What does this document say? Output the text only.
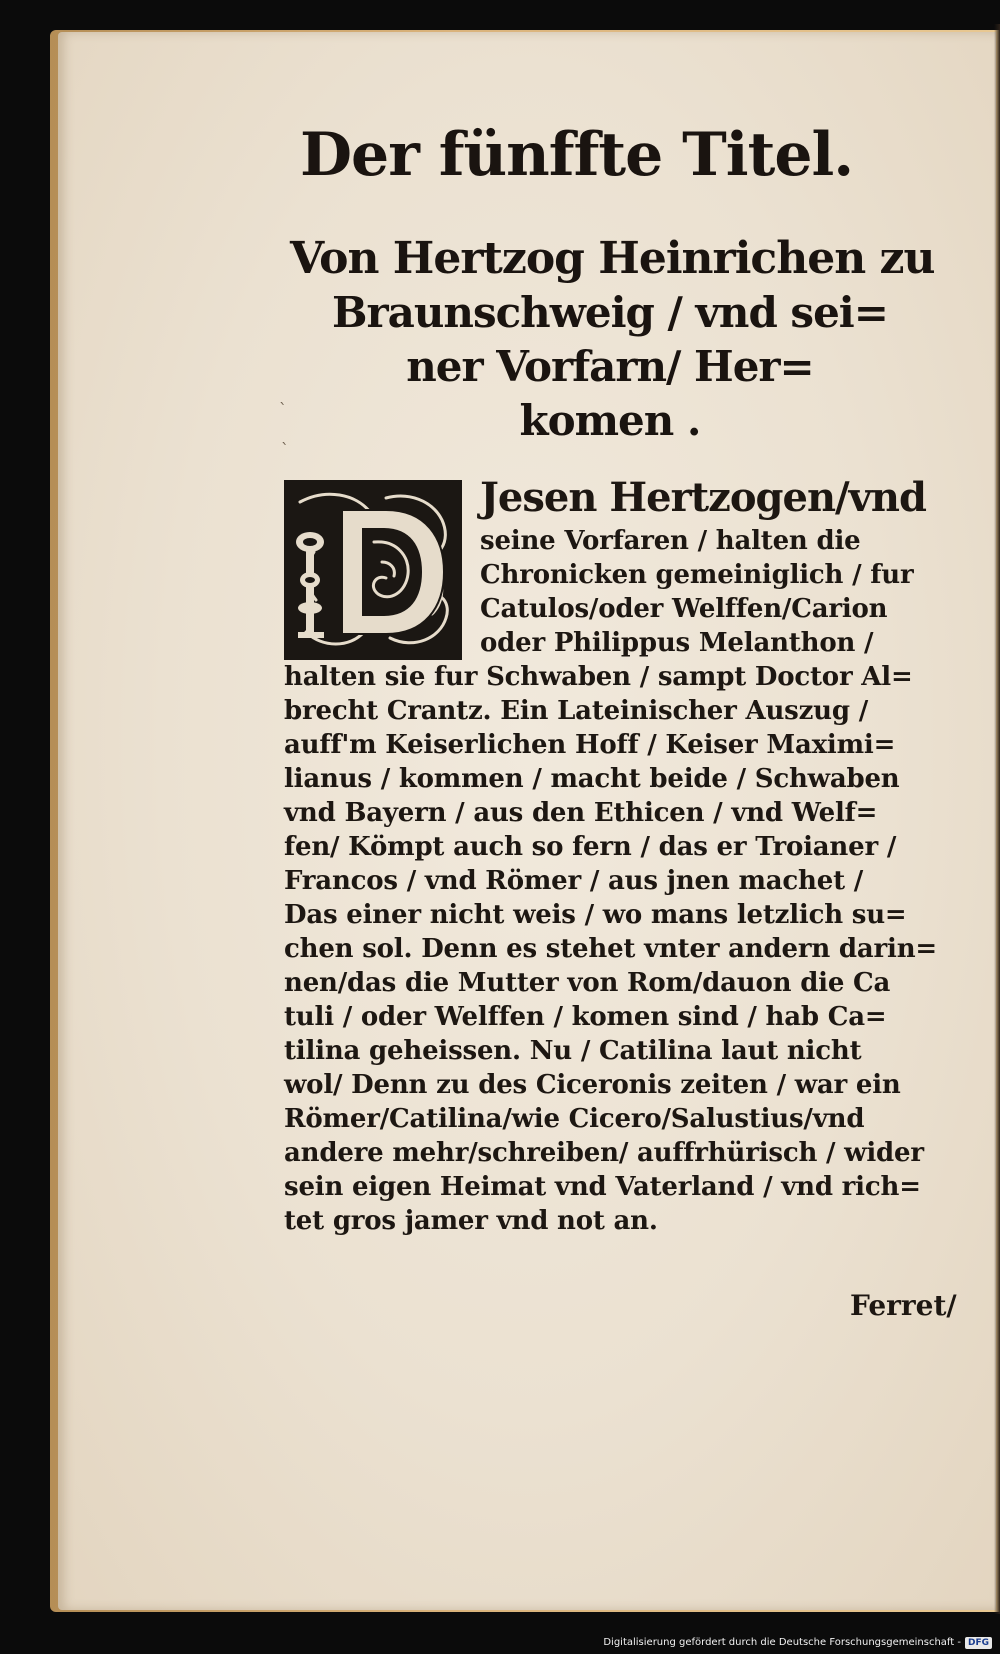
Der fünffte Titel.
Von Hertzog Heinrichen zu
Braunschweig / vnd sei=
ner Vorfarn/ Her=
komen .
`
`
Jesen Hertzogen/vnd
seine Vorfaren / halten die
Chronicken gemeiniglich / fur
Catulos/oder Welffen/Carion
oder Philippus Melanthon /
halten sie fur Schwaben / sampt Doctor Al=
brecht Crantz. Ein Lateinischer Auszug /
auff'm Keiserlichen Hoff / Keiser Maximi=
lianus / kommen / macht beide / Schwaben
vnd Bayern / aus den Ethicen / vnd Welf=
fen/ Kömpt auch so fern / das er Troianer /
Francos / vnd Römer / aus jnen machet /
Das einer nicht weis / wo mans letzlich su=
chen sol. Denn es stehet vnter andern darin=
nen/das die Mutter von Rom/dauon die Ca
tuli / oder Welffen / komen sind / hab Ca=
tilina geheissen. Nu / Catilina laut nicht
wol/ Denn zu des Ciceronis zeiten / war ein
Römer/Catilina/wie Cicero/Salustius/vnd
andere mehr/schreiben/ auffrhürisch / wider
sein eigen Heimat vnd Vaterland / vnd rich=
tet gros jamer vnd not an.

Ferret/

Digitalisierung gefördert durch die Deutsche Forschungsgemeinschaft - DFG
